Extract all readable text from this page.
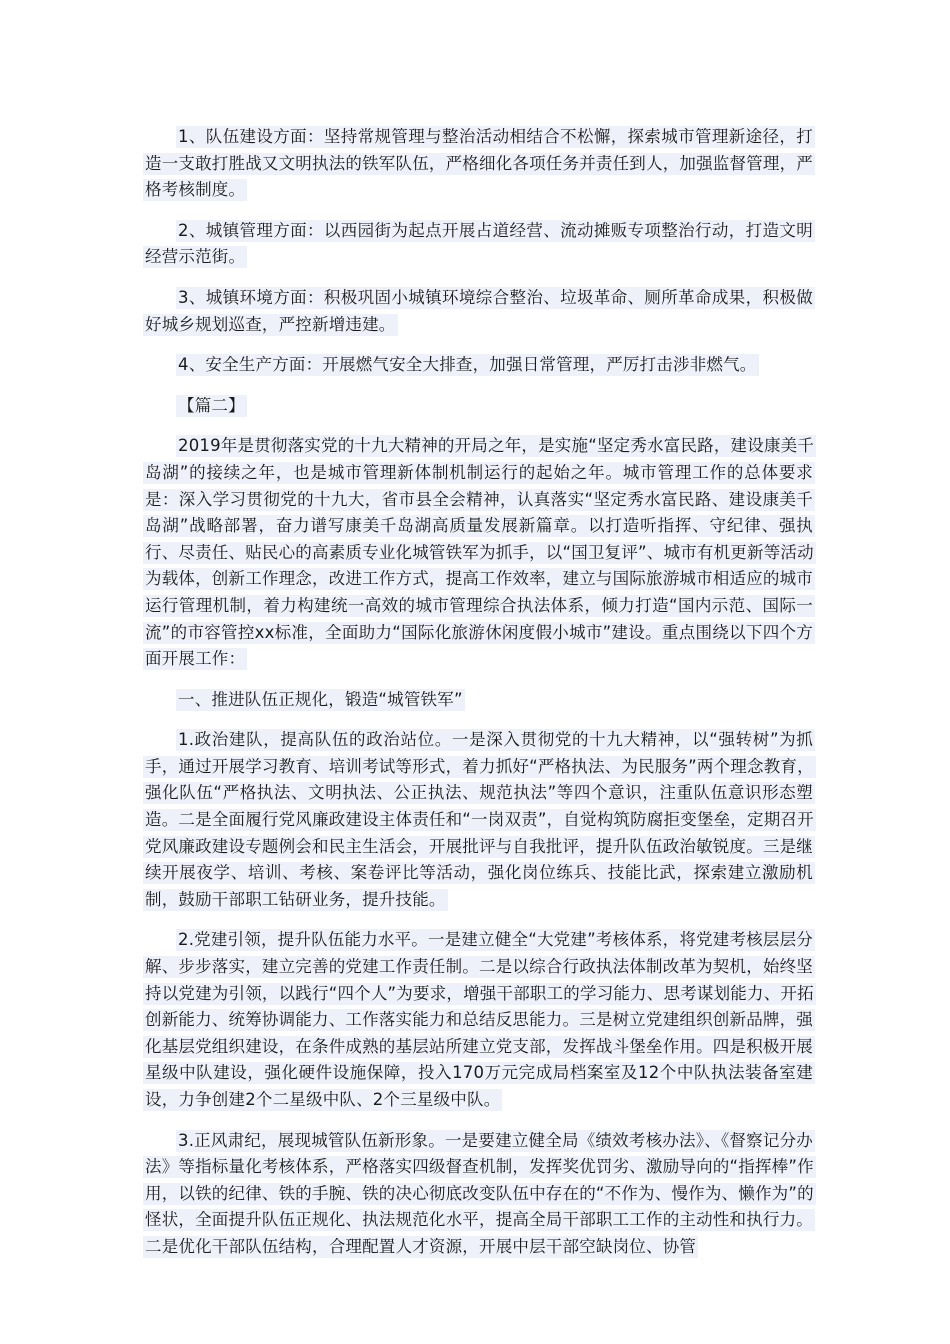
1、队伍建设方面：坚持常规管理与整治活动相结合不松懈，探索城市管理新途径，打造一支敢打胜战又文明执法的铁军队伍，严格细化各项任务并责任到人，加强监督管理，严格考核制度。

2、城镇管理方面：以西园街为起点开展占道经营、流动摊贩专项整治行动，打造文明经营示范街。

3、城镇环境方面：积极巩固小城镇环境综合整治、垃圾革命、厕所革命成果，积极做好城乡规划巡查，严控新增违建。

4、安全生产方面：开展燃气安全大排查，加强日常管理，严厉打击涉非燃气。

【篇二】

2019年是贯彻落实党的十九大精神的开局之年，是实施“坚定秀水富民路，建设康美千岛湖”的接续之年，也是城市管理新体制机制运行的起始之年。城市管理工作的总体要求是：深入学习贯彻党的十九大，省市县全会精神，认真落实“坚定秀水富民路、建设康美千岛湖”战略部署，奋力谱写康美千岛湖高质量发展新篇章。以打造听指挥、守纪律、强执行、尽责任、贴民心的高素质专业化城管铁军为抓手，以“国卫复评”、城市有机更新等活动为载体，创新工作理念，改进工作方式，提高工作效率，建立与国际旅游城市相适应的城市运行管理机制，着力构建统一高效的城市管理综合执法体系，倾力打造“国内示范、国际一流”的市容管控xx标准，全面助力“国际化旅游休闲度假小城市”建设。重点围绕以下四个方面开展工作：

一、推进队伍正规化，锻造“城管铁军”

1.政治建队，提高队伍的政治站位。一是深入贯彻党的十九大精神，以“强转树”为抓手，通过开展学习教育、培训考试等形式，着力抓好“严格执法、为民服务”两个理念教育，强化队伍“严格执法、文明执法、公正执法、规范执法”等四个意识，注重队伍意识形态塑造。二是全面履行党风廉政建设主体责任和“一岗双责”，自觉构筑防腐拒变堡垒，定期召开党风廉政建设专题例会和民主生活会，开展批评与自我批评，提升队伍政治敏锐度。三是继续开展夜学、培训、考核、案卷评比等活动，强化岗位练兵、技能比武，探索建立激励机制，鼓励干部职工钻研业务，提升技能。

2.党建引领，提升队伍能力水平。一是建立健全“大党建”考核体系，将党建考核层层分解、步步落实，建立完善的党建工作责任制。二是以综合行政执法体制改革为契机，始终坚持以党建为引领，以践行“四个人”为要求，增强干部职工的学习能力、思考谋划能力、开拓创新能力、统筹协调能力、工作落实能力和总结反思能力。三是树立党建组织创新品牌，强化基层党组织建设，在条件成熟的基层站所建立党支部，发挥战斗堡垒作用。四是积极开展星级中队建设，强化硬件设施保障，投入170万元完成局档案室及12个中队执法装备室建设，力争创建2个二星级中队、2个三星级中队。

3.正风肃纪，展现城管队伍新形象。一是要建立健全局《绩效考核办法》、《督察记分办法》等指标量化考核体系，严格落实四级督查机制，发挥奖优罚劣、激励导向的“指挥棒”作用，以铁的纪律、铁的手腕、铁的决心彻底改变队伍中存在的“不作为、慢作为、懒作为”的怪状，全面提升队伍正规化、执法规范化水平，提高全局干部职工工作的主动性和执行力。二是优化干部队伍结构，合理配置人才资源，开展中层干部空缺岗位、协管
